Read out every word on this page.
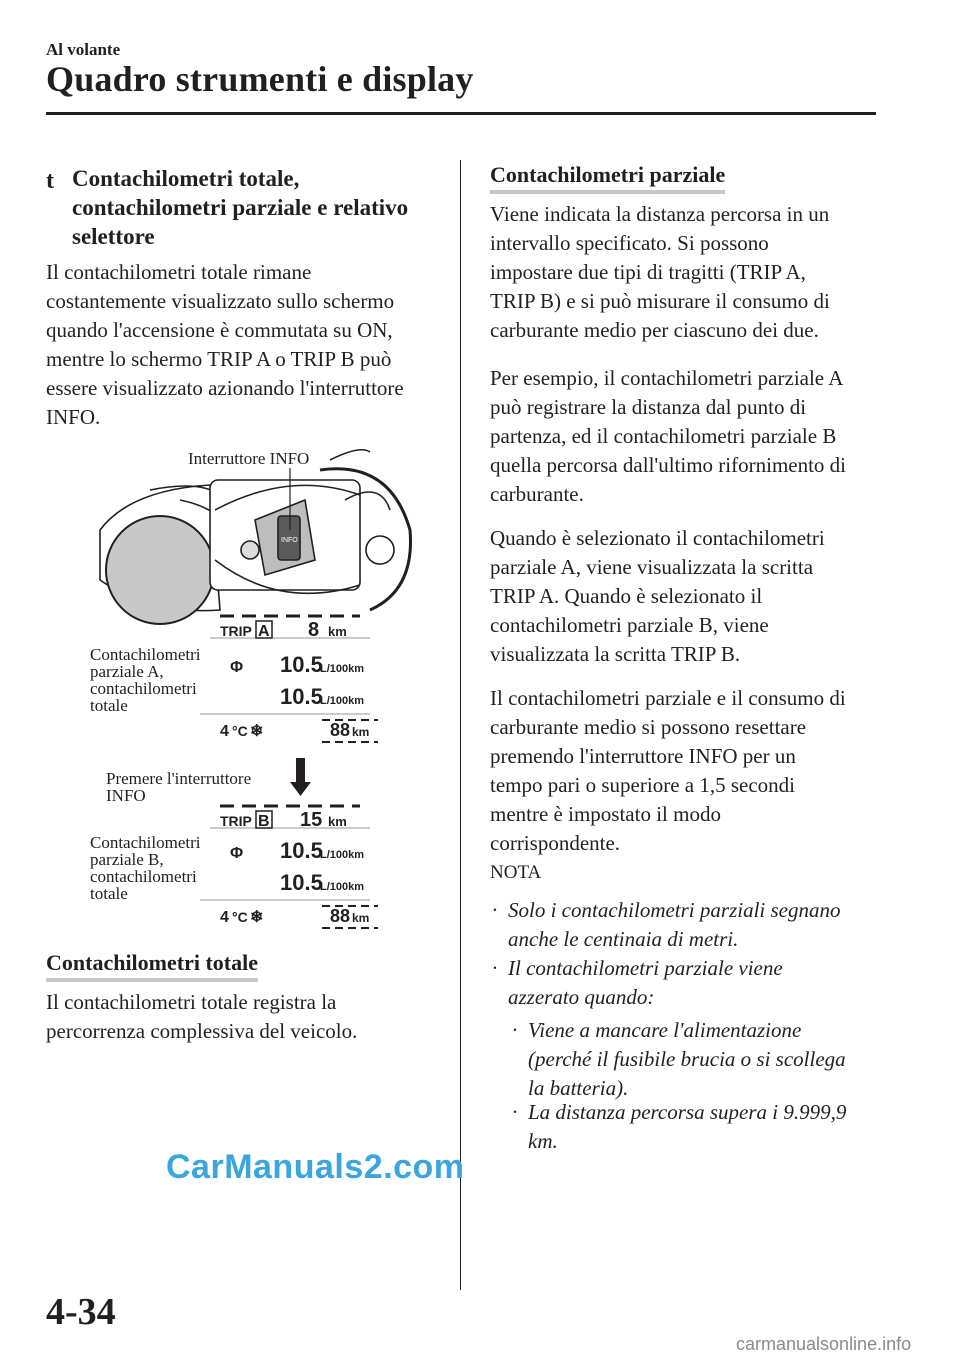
Al volante
Quadro strumenti e display
t Contachilometri totale,
contachilometri parziale e relativo
selettore
Il contachilometri totale rimane
costantemente visualizzato sullo schermo
quando l'accensione è commutata su ON,
mentre lo schermo TRIP A o TRIP B può
essere visualizzato azionando l'interruttore
INFO.
INFO
Interruttore INFO
TRIP A 8 km
Φ 10.5
L/100km
10.5
L/100km
4 °C ❄	88 km
TRIP B 15 km
Φ 10.5
L/100km
10.5
L/100km
4 °C ❄	88 km
Contachilometri
parziale A,
contachilometri
totale
Premere l'interruttore
INFO
Contachilometri
parziale B,
contachilometri
totale
Contachilometri totale
Il contachilometri totale registra la
percorrenza complessiva del veicolo.
Contachilometri parziale
Viene indicata la distanza percorsa in un
intervallo specificato. Si possono
impostare due tipi di tragitti (TRIP A,
TRIP B) e si può misurare il consumo di
carburante medio per ciascuno dei due.
Per esempio, il contachilometri parziale A
può registrare la distanza dal punto di
partenza, ed il contachilometri parziale B
quella percorsa dall'ultimo rifornimento di
carburante.
Quando è selezionato il contachilometri
parziale A, viene visualizzata la scritta
TRIP A. Quando è selezionato il
contachilometri parziale B, viene
visualizzata la scritta TRIP B.
Il contachilometri parziale e il consumo di
carburante medio si possono resettare
premendo l'interruttore INFO per un
tempo pari o superiore a 1,5 secondi
mentre è impostato il modo
corrispondente.
NOTA
· Solo i contachilometri parziali segnano
anche le centinaia di metri.
· Il contachilometri parziale viene
azzerato quando:
· Viene a mancare l'alimentazione
(perché il fusibile brucia o si scollega
la batteria).
· La distanza percorsa supera i 9.999,9
km.
CarManuals2.com
carmanualsonline.info
4-34
